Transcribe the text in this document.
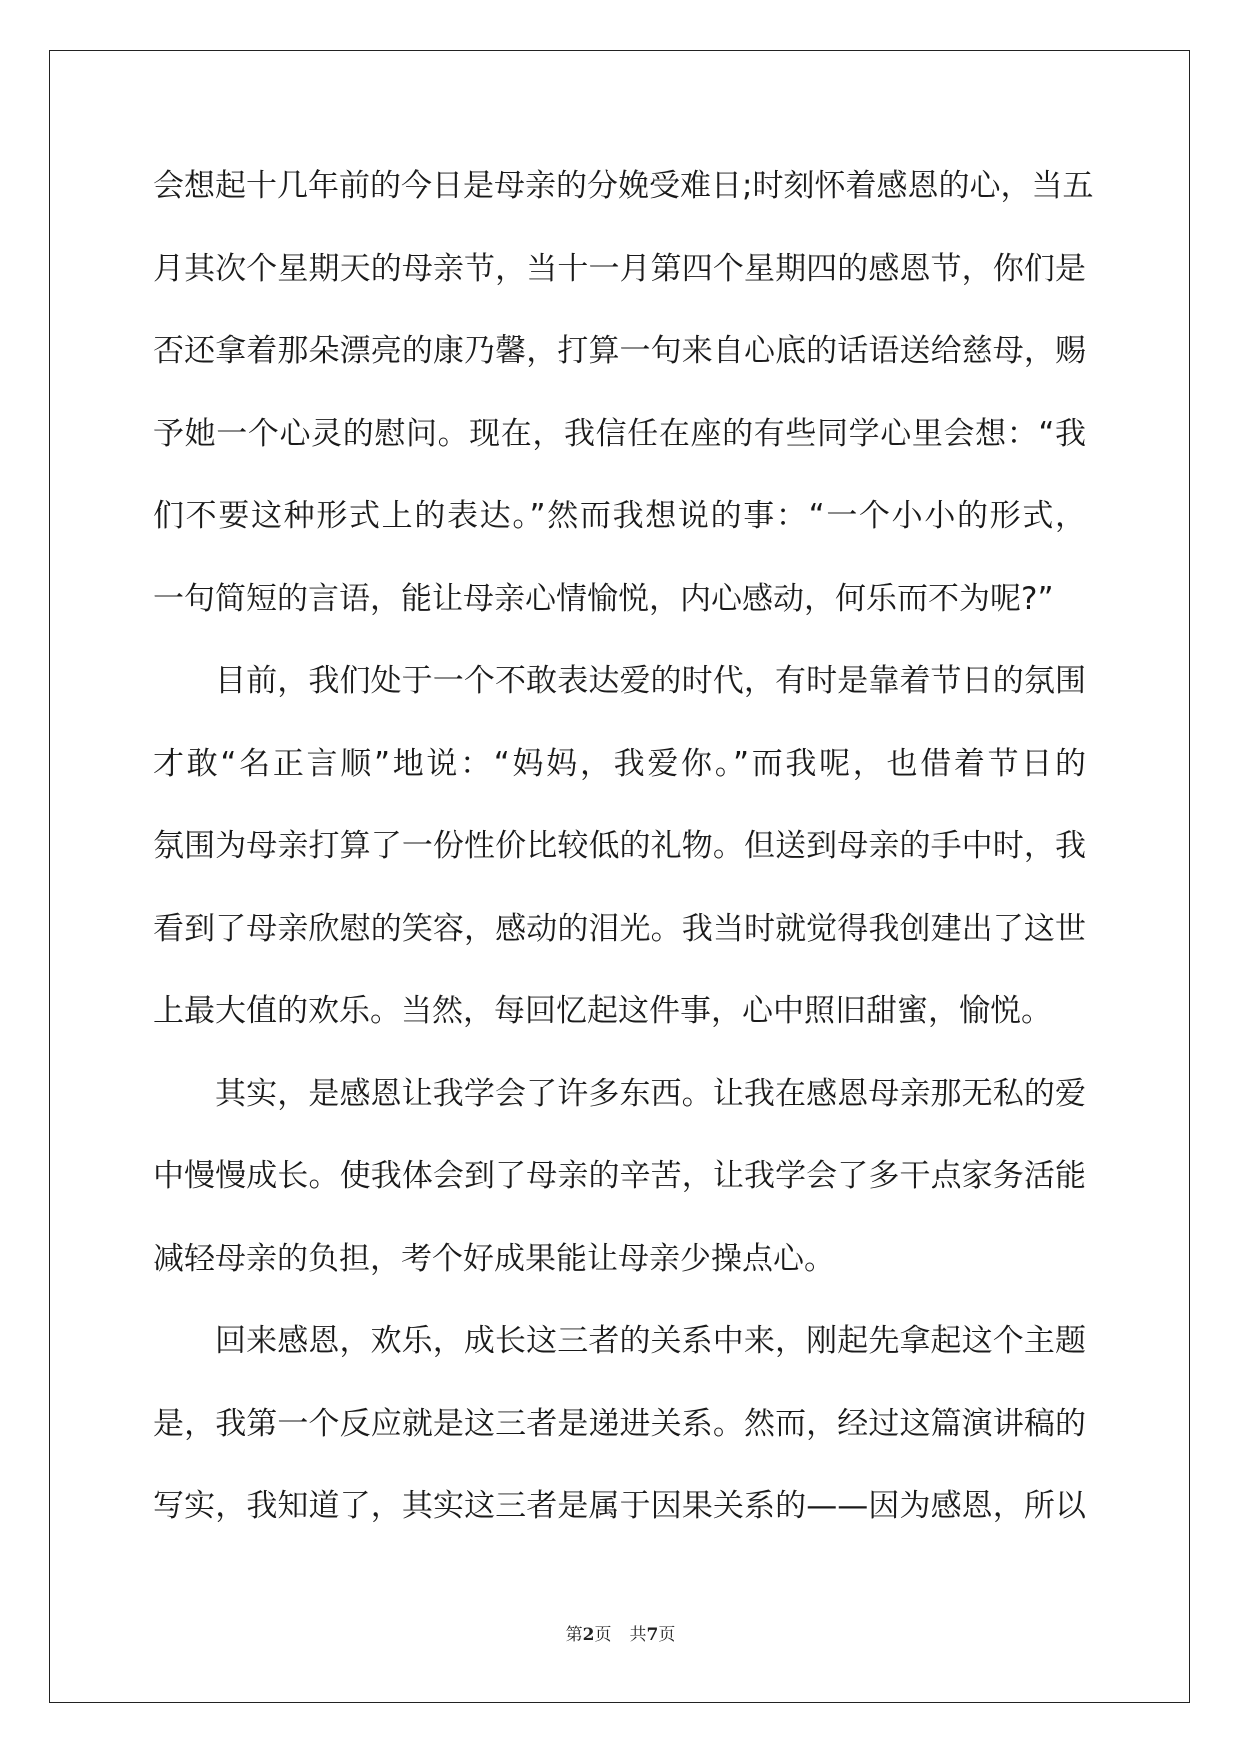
会想起十几年前的今日是母亲的分娩受难日;时刻怀着感恩的心，当五
月其次个星期天的母亲节，当十一月第四个星期四的感恩节，你们是
否还拿着那朵漂亮的康乃馨，打算一句来自心底的话语送给慈母，赐
予她一个心灵的慰问。现在，我信任在座的有些同学心里会想：“我
们不要这种形式上的表达。”然而我想说的事：“一个小小的形式，
一句简短的言语，能让母亲心情愉悦，内心感动，何乐而不为呢?”
目前，我们处于一个不敢表达爱的时代，有时是靠着节日的氛围
才敢“名正言顺”地说：“妈妈，我爱你。”而我呢，也借着节日的
氛围为母亲打算了一份性价比较低的礼物。但送到母亲的手中时，我
看到了母亲欣慰的笑容，感动的泪光。我当时就觉得我创建出了这世
上最大值的欢乐。当然，每回忆起这件事，心中照旧甜蜜，愉悦。
其实，是感恩让我学会了许多东西。让我在感恩母亲那无私的爱
中慢慢成长。使我体会到了母亲的辛苦，让我学会了多干点家务活能
减轻母亲的负担，考个好成果能让母亲少操点心。
回来感恩，欢乐，成长这三者的关系中来，刚起先拿起这个主题
是，我第一个反应就是这三者是递进关系。然而，经过这篇演讲稿的
写实，我知道了，其实这三者是属于因果关系的——因为感恩，所以
第2页 共7页
